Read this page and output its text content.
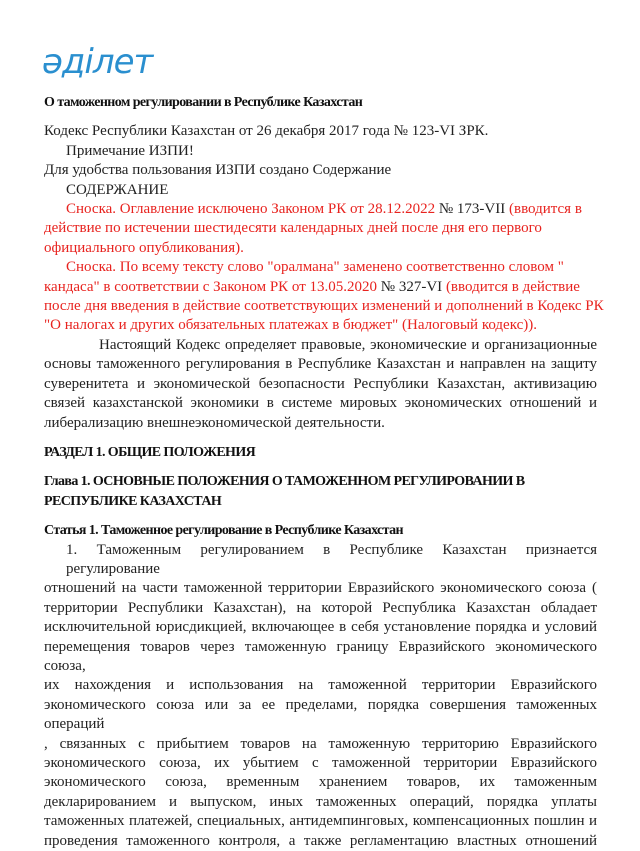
әділет
О таможенном регулировании в Республике Казахстан
Кодекс Республики Казахстан от 26 декабря 2017 года № 123-VI ЗРК.
Примечание ИЗПИ!
Для удобства пользования ИЗПИ создано Содержание
СОДЕРЖАНИЕ
Сноска. Оглавление исключено Законом РК от 28.12.2022 № 173-VII (вводится в
действие по истечении шестидесяти календарных дней после дня его первого
официального опубликования).
Сноска. По всему тексту слово "оралмана" заменено соответственно словом "
кандаса" в соответствии с Законом РК от 13.05.2020 № 327-VI (вводится в действие
после дня введения в действие соответствующих изменений и дополнений в Кодекс РК
"О налогах и других обязательных платежах в бюджет" (Налоговый кодекс)).
Настоящий Кодекс определяет правовые, экономические и организационные
основы таможенного регулирования в Республике Казахстан и направлен на защиту
суверенитета и экономической безопасности Республики Казахстан, активизацию
связей казахстанской экономики в системе мировых экономических отношений и
либерализацию внешнеэкономической деятельности.
РАЗДЕЛ 1. ОБЩИЕ ПОЛОЖЕНИЯ
Глава 1. ОСНОВНЫЕ ПОЛОЖЕНИЯ О ТАМОЖЕННОМ РЕГУЛИРОВАНИИ В
РЕСПУБЛИКЕ КАЗАХСТАН
Статья 1. Таможенное регулирование в Республике Казахстан
1. Таможенным регулированием в Республике Казахстан признается регулирование
отношений на части таможенной территории Евразийского экономического союза (
территории Республики Казахстан), на которой Республика Казахстан обладает
исключительной юрисдикцией, включающее в себя установление порядка и условий
перемещения товаров через таможенную границу Евразийского экономического союза,
их нахождения и использования на таможенной территории Евразийского
экономического союза или за ее пределами, порядка совершения таможенных операций
, связанных с прибытием товаров на таможенную территорию Евразийского
экономического союза, их убытием с таможенной территории Евразийского
экономического союза, временным хранением товаров, их таможенным
декларированием и выпуском, иных таможенных операций, порядка уплаты
таможенных платежей, специальных, антидемпинговых, компенсационных пошлин и
проведения таможенного контроля, а также регламентацию властных отношений
